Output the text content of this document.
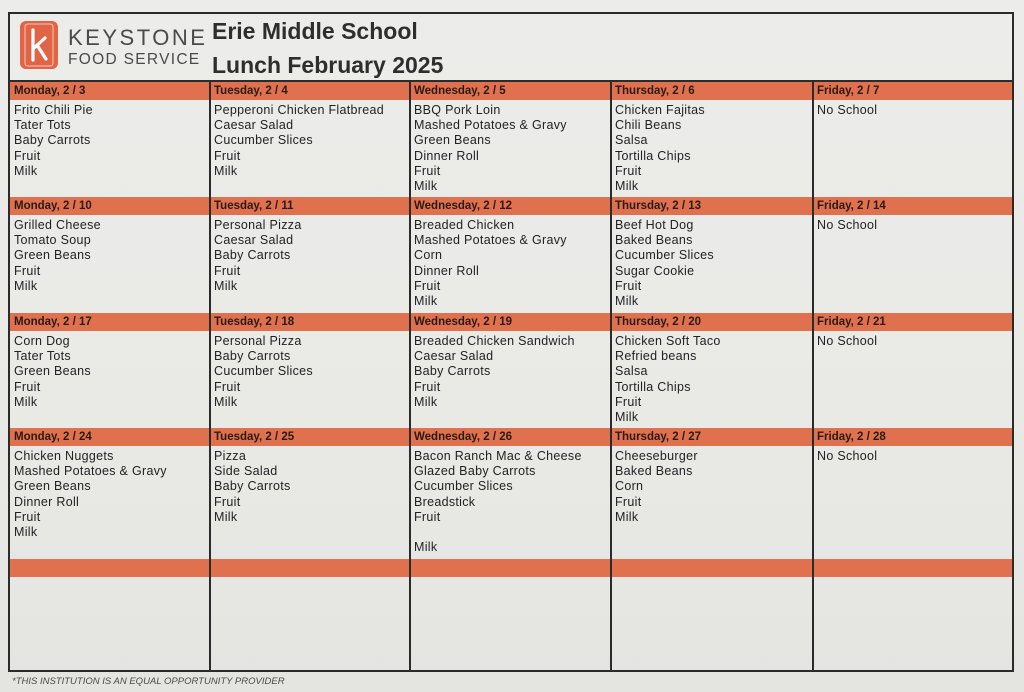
KEYSTONE
FOOD SERVICE
Erie Middle School
Lunch February 2025
Monday, 2 / 3
Frito Chili Pie
Tater Tots
Baby Carrots
Fruit
Milk
Tuesday, 2 / 4
Pepperoni Chicken Flatbread
Caesar Salad
Cucumber Slices
Fruit
Milk
Wednesday, 2 / 5
BBQ Pork Loin
Mashed Potatoes & Gravy
Green Beans
Dinner Roll
Fruit
Milk
Thursday, 2 / 6
Chicken Fajitas
Chili Beans
Salsa
Tortilla Chips
Fruit
Milk
Friday, 2 / 7
No School
Monday, 2 / 10
Grilled Cheese
Tomato Soup
Green Beans
Fruit
Milk
Tuesday, 2 / 11
Personal Pizza
Caesar Salad
Baby Carrots
Fruit
Milk
Wednesday, 2 / 12
Breaded Chicken
Mashed Potatoes & Gravy
Corn
Dinner Roll
Fruit
Milk
Thursday, 2 / 13
Beef Hot Dog
Baked Beans
Cucumber Slices
Sugar Cookie
Fruit
Milk
Friday, 2 / 14
No School
Monday, 2 / 17
Corn Dog
Tater Tots
Green Beans
Fruit
Milk
Tuesday, 2 / 18
Personal Pizza
Baby Carrots
Cucumber Slices
Fruit
Milk
Wednesday, 2 / 19
Breaded Chicken Sandwich
Caesar Salad
Baby Carrots
Fruit
Milk
Thursday, 2 / 20
Chicken Soft Taco
Refried beans
Salsa
Tortilla Chips
Fruit
Milk
Friday, 2 / 21
No School
Monday, 2 / 24
Chicken Nuggets
Mashed Potatoes & Gravy
Green Beans
Dinner Roll
Fruit
Milk
Tuesday, 2 / 25
Pizza
Side Salad
Baby Carrots
Fruit
Milk
Wednesday, 2 / 26
Bacon Ranch Mac & Cheese
Glazed Baby Carrots
Cucumber Slices
Breadstick
Fruit
Milk
Thursday, 2 / 27
Cheeseburger
Baked Beans
Corn
Fruit
Milk
Friday, 2 / 28
No School
*THIS INSTITUTION IS AN EQUAL OPPORTUNITY PROVIDER
